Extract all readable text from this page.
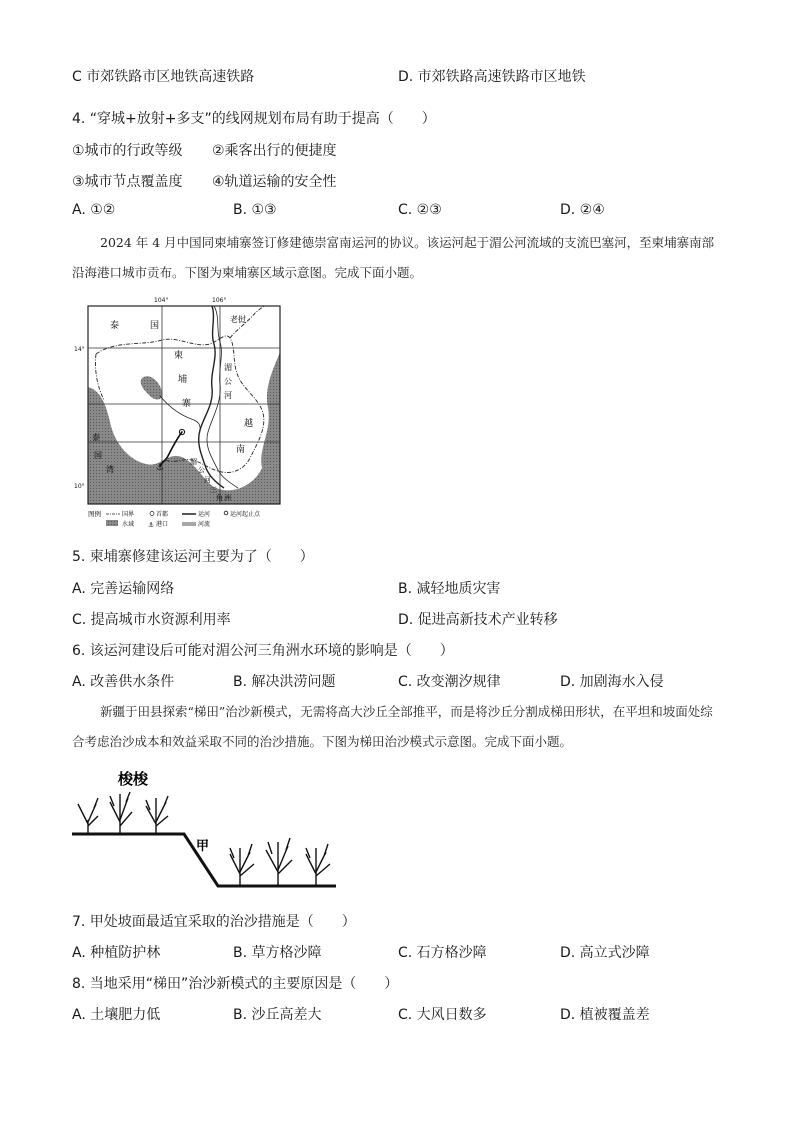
C 市郊铁路市区地铁高速铁路	D. 市郊铁路高速铁路市区地铁
4. “穿城+放射+多支”的线网规划布局有助于提高（　　）
①城市的行政等级 ②乘客出行的便捷度
③城市节点覆盖度 ④轨道运输的安全性
A. ①②	B. ①③	C. ②③	D. ②④
2024 年 4 月中国同柬埔寨签订修建德崇富南运河的协议。该运河起于湄公河流域的支流巴塞河，至柬埔寨南部沿海港口城市贡布。下图为柬埔寨区域示意图。完成下面小题。
⚓
104°	106°
14°
10°
泰	国
老挝
柬
埔
寨
湄
公
河
越
南
泰
国
湾
湄
公
河
三
角 洲
图例	国界	首都	运河	运河起止点
水域 ⚓ 港口	河流
5. 柬埔寨修建该运河主要为了（　　）
A. 完善运输网络	B. 减轻地质灾害
C. 提高城市水资源利用率	D. 促进高新技术产业转移
6. 该运河建设后可能对湄公河三角洲水环境的影响是（　　）
A. 改善供水条件	B. 解决洪涝问题	C. 改变潮汐规律	D. 加剧海水入侵
新疆于田县探索“梯田”治沙新模式，无需将高大沙丘全部推平，而是将沙丘分割成梯田形状，在平坦和坡面处综合考虑治沙成本和效益采取不同的治沙措施。下图为梯田治沙模式示意图。完成下面小题。
梭梭
甲
7. 甲处坡面最适宜采取的治沙措施是（　　）
A. 种植防护林	B. 草方格沙障	C. 石方格沙障	D. 高立式沙障
8. 当地采用“梯田”治沙新模式的主要原因是（　　）
A. 土壤肥力低	B. 沙丘高差大	C. 大风日数多	D. 植被覆盖差
